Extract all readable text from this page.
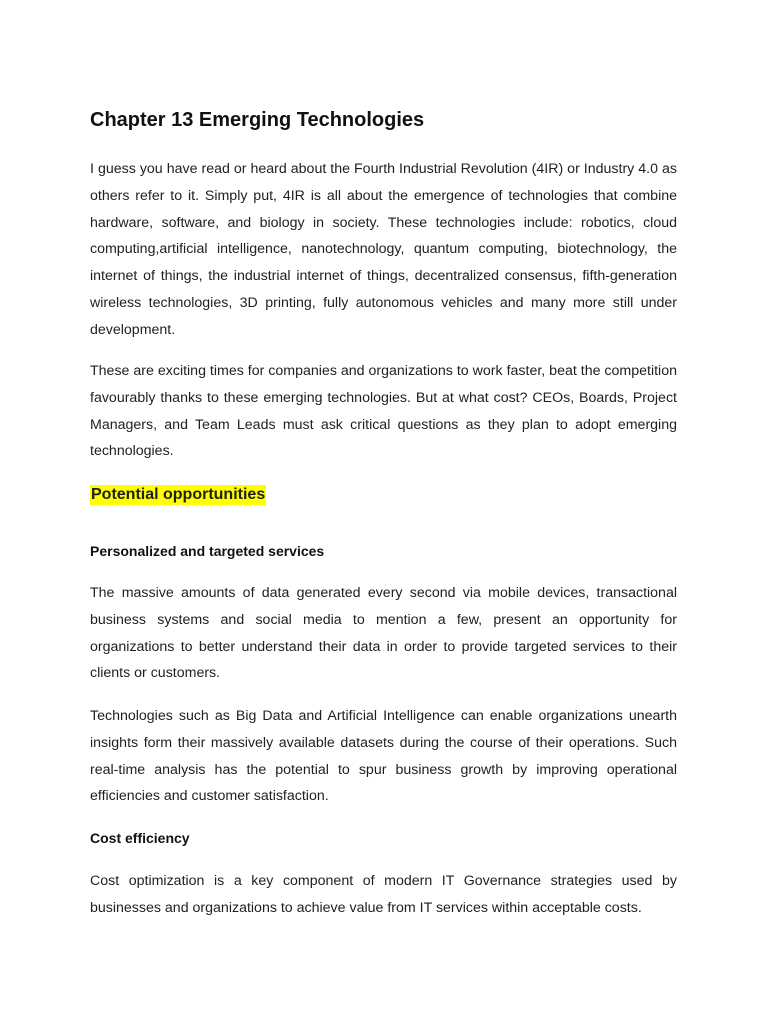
Chapter 13 Emerging Technologies

I guess you have read or heard about the Fourth Industrial Revolution (4IR) or Industry 4.0 as others refer to it. Simply put, 4IR is all about the emergence of technologies that combine hardware, software, and biology in society. These technologies include: robotics, cloud computing,artificial intelligence, nanotechnology, quantum computing, biotechnology, the internet of things, the industrial internet of things, decentralized consensus, fifth-generation wireless technologies, 3D printing, fully autonomous vehicles and many more still under development.

These are exciting times for companies and organizations to work faster, beat the competition favourably thanks to these emerging technologies. But at what cost? CEOs, Boards, Project Managers, and Team Leads must ask critical questions as they plan to adopt emerging technologies.

Potential opportunities
Personalized and targeted services

The massive amounts of data generated every second via mobile devices, transactional business systems and social media to mention a few, present an opportunity for organizations to better understand their data in order to provide targeted services to their clients or customers.

Technologies such as Big Data and Artificial Intelligence can enable organizations unearth insights form their massively available datasets during the course of their operations. Such real-time analysis has the potential to spur business growth by improving operational efficiencies and customer satisfaction.

Cost efficiency

Cost optimization is a key component of modern IT Governance strategies used by businesses and organizations to achieve value from IT services within acceptable costs.
